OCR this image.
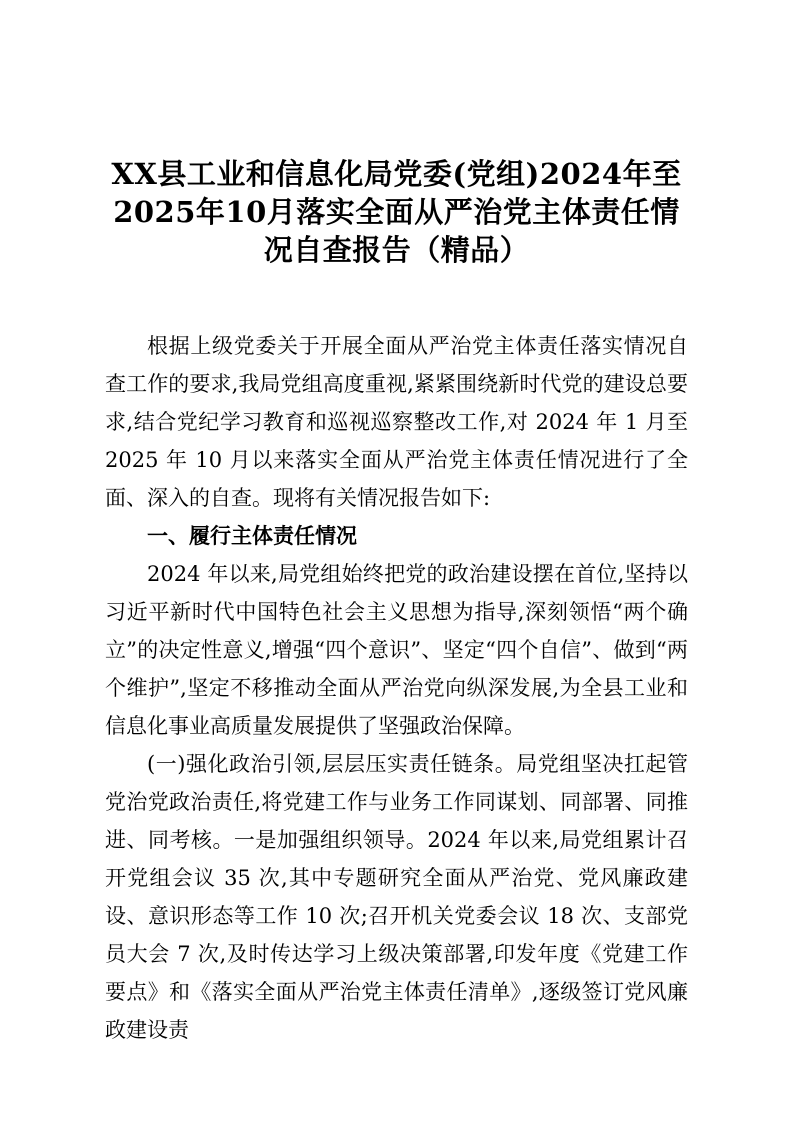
XX县工业和信息化局党委(党组)2024年至2025年10月落实全面从严治党主体责任情况自查报告（精品）

根据上级党委关于开展全面从严治党主体责任落实情况自查工作的要求,我局党组高度重视,紧紧围绕新时代党的建设总要求,结合党纪学习教育和巡视巡察整改工作,对 2024 年 1 月至 2025 年 10 月以来落实全面从严治党主体责任情况进行了全面、深入的自查。现将有关情况报告如下:

一、履行主体责任情况

2024 年以来,局党组始终把党的政治建设摆在首位,坚持以习近平新时代中国特色社会主义思想为指导,深刻领悟“两个确立”的决定性意义,增强“四个意识”、坚定“四个自信”、做到“两个维护”,坚定不移推动全面从严治党向纵深发展,为全县工业和信息化事业高质量发展提供了坚强政治保障。

(一)强化政治引领,层层压实责任链条。局党组坚决扛起管党治党政治责任,将党建工作与业务工作同谋划、同部署、同推进、同考核。一是加强组织领导。2024 年以来,局党组累计召开党组会议 35 次,其中专题研究全面从严治党、党风廉政建设、意识形态等工作 10 次;召开机关党委会议 18 次、支部党员大会 7 次,及时传达学习上级决策部署,印发年度《党建工作要点》和《落实全面从严治党主体责任清单》,逐级签订党风廉政建设责
